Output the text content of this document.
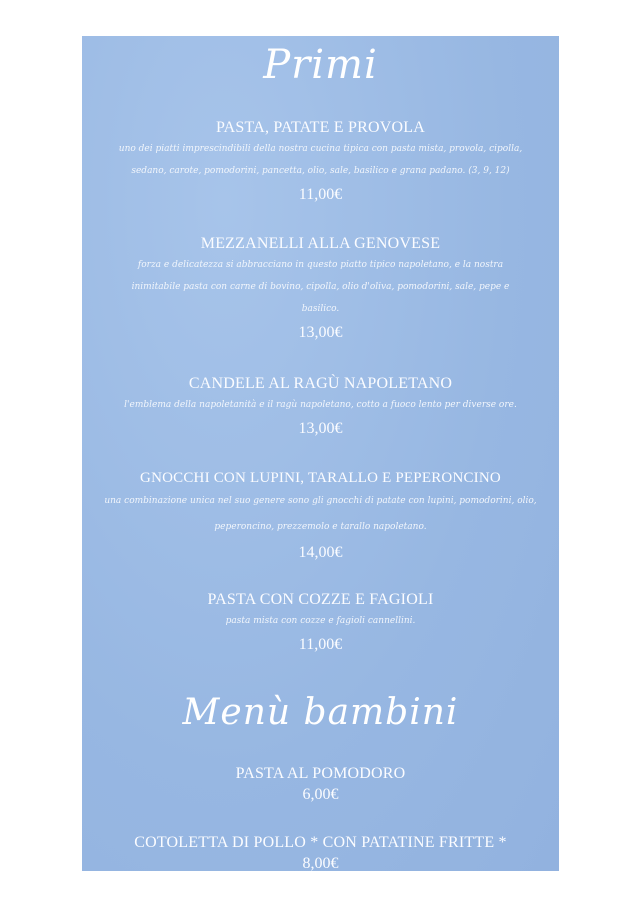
Primi
PASTA, PATATE E PROVOLA
uno dei piatti imprescindibili della nostra cucina tipica con pasta mista, provola, cipolla, sedano, carote, pomodorini, pancetta, olio, sale, basilico e grana padano. (3, 9, 12)
11,00€
MEZZANELLI ALLA GENOVESE
forza e delicatezza si abbracciano in questo piatto tipico napoletano, e la nostra inimitabile pasta con carne di bovino, cipolla, olio d'oliva, pomodorini, sale, pepe e basilico.
13,00€
CANDELE AL RAGÙ NAPOLETANO
l'emblema della napoletanità e il ragù napoletano, cotto a fuoco lento per diverse ore.
13,00€
GNOCCHI CON LUPINI, TARALLO E PEPERONCINO
una combinazione unica nel suo genere sono gli gnocchi di patate con lupini, pomodorini, olio, peperoncino, prezzemolo e tarallo napoletano.
14,00€
PASTA CON COZZE E FAGIOLI
pasta mista con cozze e fagioli cannellini.
11,00€
Menù bambini
PASTA AL POMODORO
6,00€
COTOLETTA DI POLLO * CON PATATINE FRITTE *
8,00€
